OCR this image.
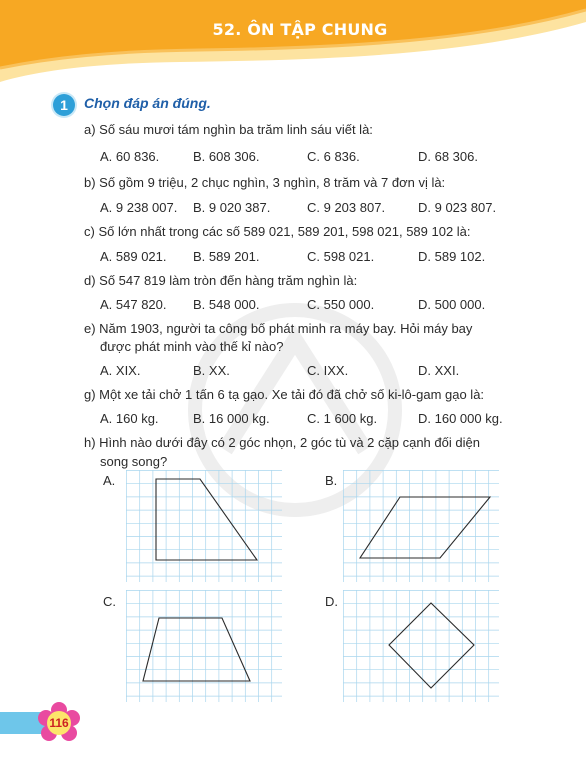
52. ÔN TẬP CHUNG
1	Chọn đáp án đúng.
a) Số sáu mươi tám nghìn ba trăm linh sáu viết là:
A. 60 836.	B. 608 306.	C. 6 836.	D. 68 306.
b) Số gồm 9 triệu, 2 chục nghìn, 3 nghìn, 8 trăm và 7 đơn vị là:
A. 9 238 007. B. 9 020 387.	C. 9 203 807.	D. 9 023 807.
c) Số lớn nhất trong các số 589 021, 589 201, 598 021, 589 102 là:
A. 589 021. B. 589 201.	C. 598 021.	D. 589 102.
d) Số 547 819 làm tròn đến hàng trăm nghìn là:
A. 547 820. B. 548 000.	C. 550 000.	D. 500 000.
e) Năm 1903, người ta công bố phát minh ra máy bay. Hỏi máy bay
được phát minh vào thế kỉ nào?
A. XIX.	B. XX.	C. IXX.	D. XXI.
g) Một xe tải chở 1 tấn 6 tạ gạo. Xe tải đó đã chở số ki-lô-gam gạo là:
A. 160 kg.	B. 16 000 kg.	C. 1 600 kg.	D. 160 000 kg.
h) Hình nào dưới đây có 2 góc nhọn, 2 góc tù và 2 cặp cạnh đối diện
song song?
A.	B.
C.	D.
116
